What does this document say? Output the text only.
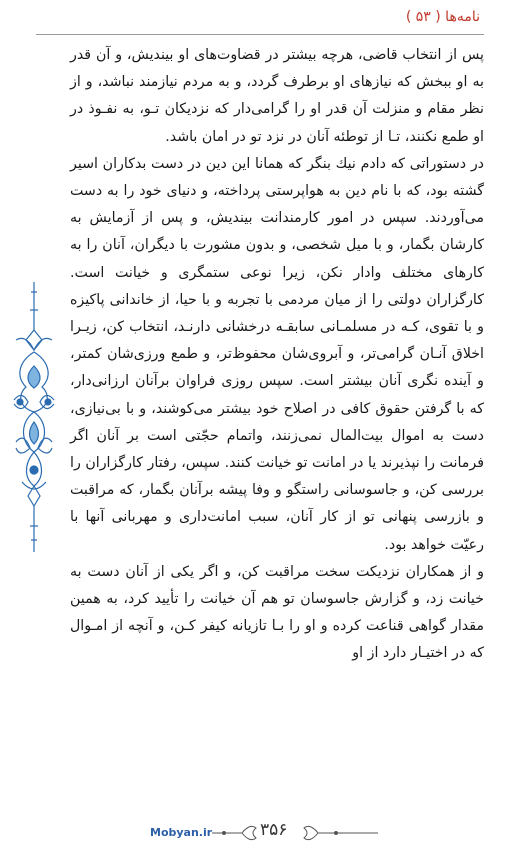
نامه‌ها ( ۵۳ )

پس از انتخاب قاضی، هرچه بیشتر در قضاوت‌های او بیندیش، و آن قدر به او ببخش که نیازهای او برطرف گردد، و به مردم نیازمند نباشد، و از نظر مقام و منزلت آن قدر او را گرامی‌دار که نزدیکان تـو، به نفـوذ در او طمع نکنند، تـا از توطئه آنان در نزد تو در امان باشد.

در دستوراتی که دادم نیك بنگر که همانا این دین در دست بدکاران اسیر گشته بود، که با نام دین به هواپرستی پرداخته، و دنیای خود را به دست می‌آوردند. سپس در امور کارمندانت بیندیش، و پس از آزمایش به کارشان بگمار، و با میل شخصی، و بدون مشورت با دیگران، آنان را به کارهای مختلف وادار نکن، زیرا نوعی ستمگری و خیانت است. کارگزاران دولتی را از میان مردمی با تجربه و با حیا، از خاندانی پاکیزه و با تقوی، کـه در مسلمـانی سابقـه درخشانی دارنـد، انتخاب کن، زیـرا اخلاق آنـان گرامی‌تر، و آبروی‌شان محفوظ‌تر، و طمع ورزی‌شان کمتر، و آینده نگری آنان بیشتر است. سپس روزی فراوان برآنان ارزانی‌دار، که با گرفتن حقوق کافی در اصلاح خود بیشتر می‌کوشند، و با بی‌نیازی، دست به اموال بیت‌المال نمی‌زنند، واتمام حجّتی است بر آنان اگر فرمانت را نپذیرند یا در امانت تو خیانت کنند. سپس، رفتار کارگزاران را بررسی کن، و جاسوسانی راستگو و وفا پیشه برآنان بگمار، که مراقبت و بازرسی پنهانی تو از کار آنان، سبب امانت‌داری و مهربانی آنها با رعیّت خواهد بود.

و از همکاران نزدیکت سخت مراقبت کن، و اگر یکی از آنان دست به خیانت زد، و گزارش جاسوسان تو هم آن خیانت را تأیید کرد، به همین مقدار گواهی قناعت کرده و او را بـا تازیانه کیفر کـن، و آنچه از امـوال که در اختیـار دارد از او

Mobyan.ir	۳۵۶
